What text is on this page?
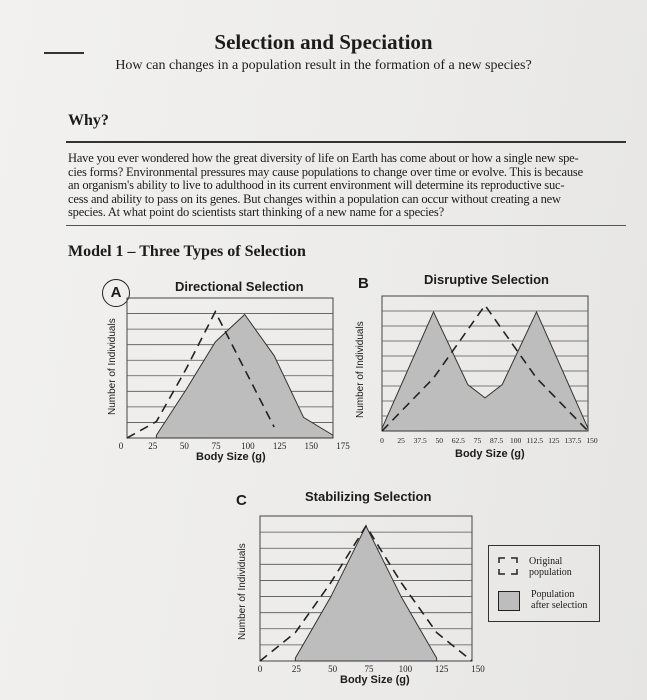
Selection and Speciation
How can changes in a population result in the formation of a new species?
Why?
Have you ever wondered how the great diversity of life on Earth has come about or how a single new spe-
cies forms? Environmental pressures may cause populations to change over time or evolve. This is because
an organism's ability to live to adulthood in its current environment will determine its reproductive suc-
cess and ability to pass on its genes. But changes within a population can occur without creating a new
species. At what point do scientists start thinking of a new name for a species?
Model 1 – Three Types of Selection
A	Directional Selection
Number of Individuals
Body Size (g)
0	25	50	75 100 125 150 175
B	Disruptive Selection
Number of Individuals
Body Size (g)
0 25 37.5 50 62.5 75 87.5 100 112.5 125 137.5 150
C	Stabilizing Selection
Number of Individuals
Body Size (g)
0	25	50	75	100	125	150
Original
population
Population
after selection
